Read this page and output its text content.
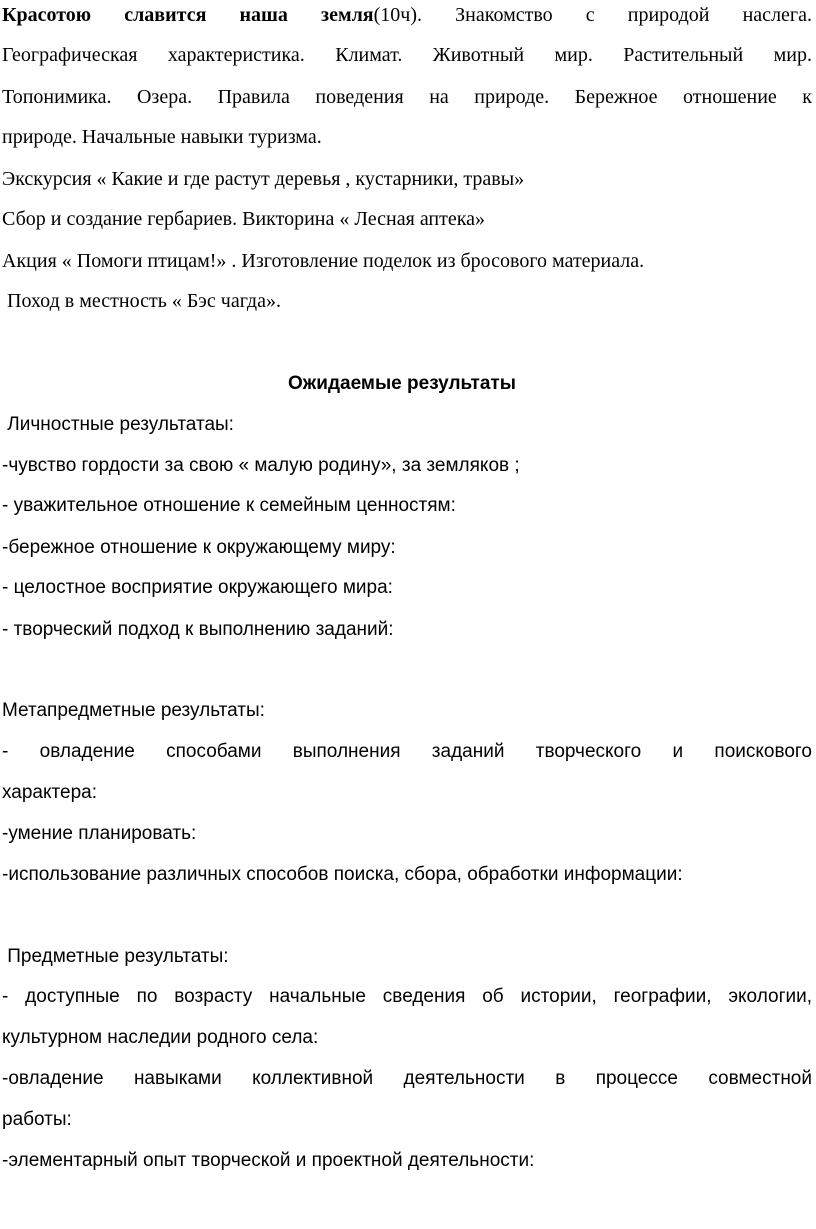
Красотою славится наша земля(10ч). Знакомство с природой наслега.
Географическая характеристика. Климат. Животный мир. Растительный мир.
Топонимика. Озера. Правила поведения на природе. Бережное отношение к
природе. Начальные навыки туризма.
Экскурсия « Какие и где растут деревья , кустарники, травы»
Сбор и создание гербариев. Викторина « Лесная аптека»
Акция « Помоги птицам!» . Изготовление поделок из бросового материала.
Поход в местность « Бэс чагда».
Ожидаемые результаты
Личностные результатаы:
-чувство гордости за свою « малую родину», за земляков ;
- уважительное отношение к семейным ценностям:
-бережное отношение к окружающему миру:
- целостное восприятие окружающего мира:
- творческий подход к выполнению заданий:
Метапредметные результаты:
- овладение способами выполнения заданий творческого и поискового
характера:
-умение планировать:
-использование различных способов поиска, сбора, обработки информации:
Предметные результаты:
- доступные по возрасту начальные сведения об истории, географии, экологии,
культурном наследии родного села:
-овладение навыками коллективной деятельности в процессе совместной
работы:
-элементарный опыт творческой и проектной деятельности:
